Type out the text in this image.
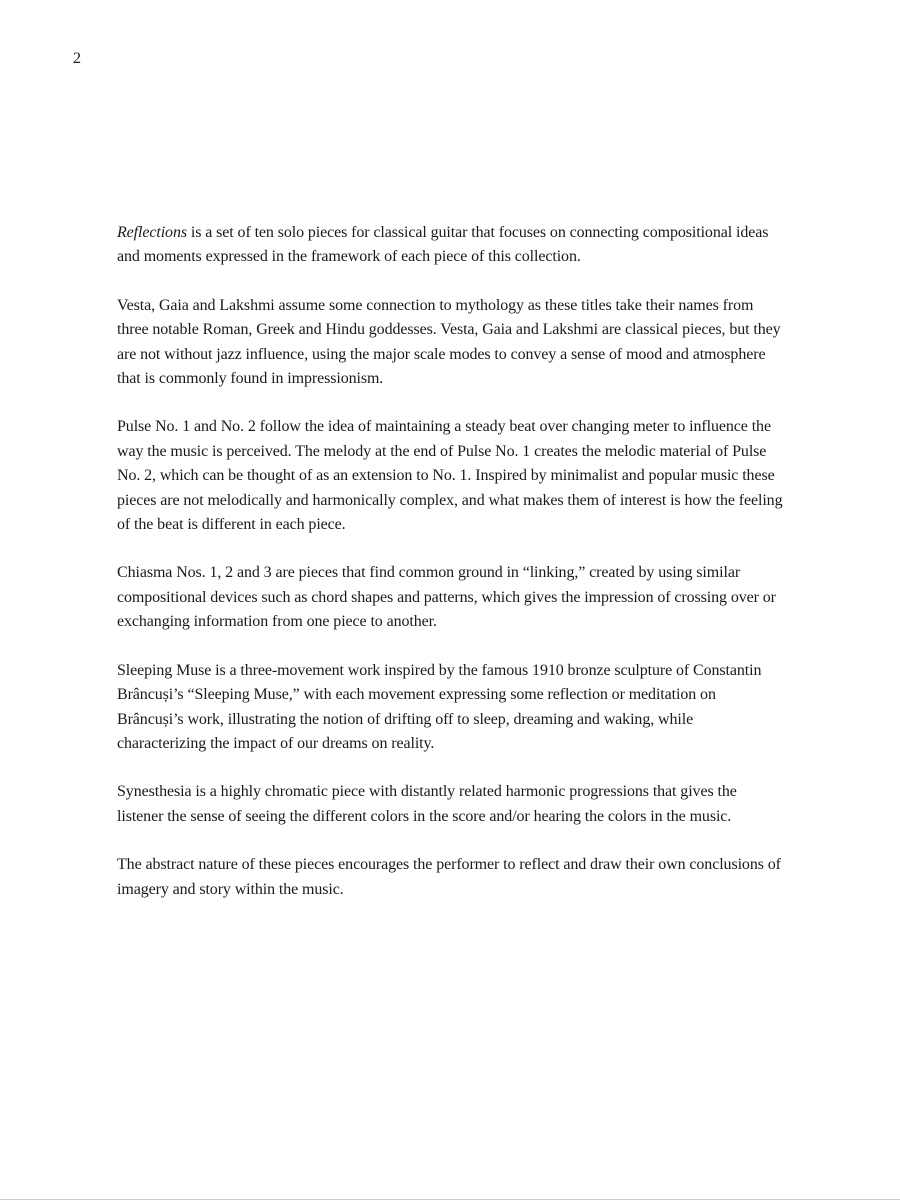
2

Reflections is a set of ten solo pieces for classical guitar that focuses on connecting compositional ideas and moments expressed in the framework of each piece of this collection.

Vesta, Gaia and Lakshmi assume some connection to mythology as these titles take their names from three notable Roman, Greek and Hindu goddesses. Vesta, Gaia and Lakshmi are classical pieces, but they are not without jazz influence, using the major scale modes to convey a sense of mood and atmosphere that is commonly found in impressionism.

Pulse No. 1 and No. 2 follow the idea of maintaining a steady beat over changing meter to influence the way the music is perceived. The melody at the end of Pulse No. 1 creates the melodic material of Pulse No. 2, which can be thought of as an extension to No. 1. Inspired by minimalist and popular music these pieces are not melodically and harmonically complex, and what makes them of interest is how the feeling of the beat is different in each piece.

Chiasma Nos. 1, 2 and 3 are pieces that find common ground in “linking,” created by using similar compositional devices such as chord shapes and patterns, which gives the impression of crossing over or exchanging information from one piece to another.

Sleeping Muse is a three-movement work inspired by the famous 1910 bronze sculpture of Constantin Brâncuși’s “Sleeping Muse,” with each movement expressing some reflection or meditation on Brâncuși’s work, illustrating the notion of drifting off to sleep, dreaming and waking, while characterizing the impact of our dreams on reality.

Synesthesia is a highly chromatic piece with distantly related harmonic progressions that gives the listener the sense of seeing the different colors in the score and/or hearing the colors in the music.

The abstract nature of these pieces encourages the performer to reflect and draw their own conclusions of imagery and story within the music.
